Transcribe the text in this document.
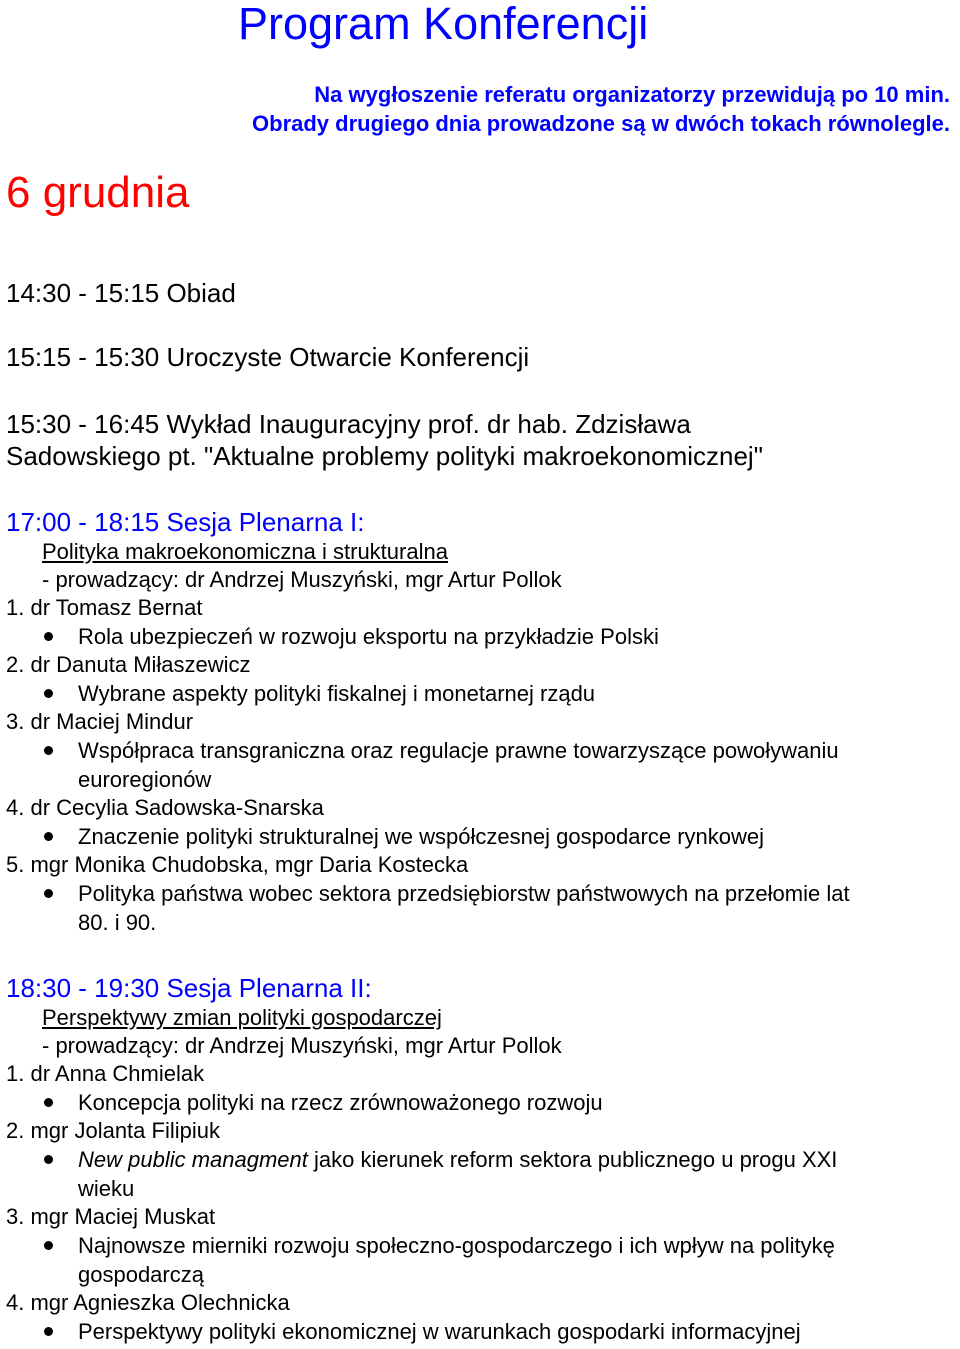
Program Konferencji
Na wygłoszenie referatu organizatorzy przewidują po 10 min.
Obrady drugiego dnia prowadzone są w dwóch tokach równolegle.
6 grudnia
14:30 - 15:15 Obiad
15:15 - 15:30 Uroczyste Otwarcie Konferencji
15:30 - 16:45 Wykład Inauguracyjny prof. dr hab. Zdzisława
Sadowskiego pt. "Aktualne problemy polityki makroekonomicznej"
17:00 - 18:15 Sesja Plenarna I:
Polityka makroekonomiczna i strukturalna
- prowadzący: dr Andrzej Muszyński, mgr Artur Pollok
1. dr Tomasz Bernat
Rola ubezpieczeń w rozwoju eksportu na przykładzie Polski
2. dr Danuta Miłaszewicz
Wybrane aspekty polityki fiskalnej i monetarnej rządu
3. dr Maciej Mindur
Współpraca transgraniczna oraz regulacje prawne towarzyszące powoływaniu
euroregionów
4. dr Cecylia Sadowska-Snarska
Znaczenie polityki strukturalnej we współczesnej gospodarce rynkowej
5. mgr Monika Chudobska, mgr Daria Kostecka
Polityka państwa wobec sektora przedsiębiorstw państwowych na przełomie lat
80. i 90.
18:30 - 19:30 Sesja Plenarna II:
Perspektywy zmian polityki gospodarczej
- prowadzący: dr Andrzej Muszyński, mgr Artur Pollok
1. dr Anna Chmielak
Koncepcja polityki na rzecz zrównoważonego rozwoju
2. mgr Jolanta Filipiuk
New public managment jako kierunek reform sektora publicznego u progu XXI
wieku
3. mgr Maciej Muskat
Najnowsze mierniki rozwoju społeczno-gospodarczego i ich wpływ na politykę
gospodarczą
4. mgr Agnieszka Olechnicka
Perspektywy polityki ekonomicznej w warunkach gospodarki informacyjnej
